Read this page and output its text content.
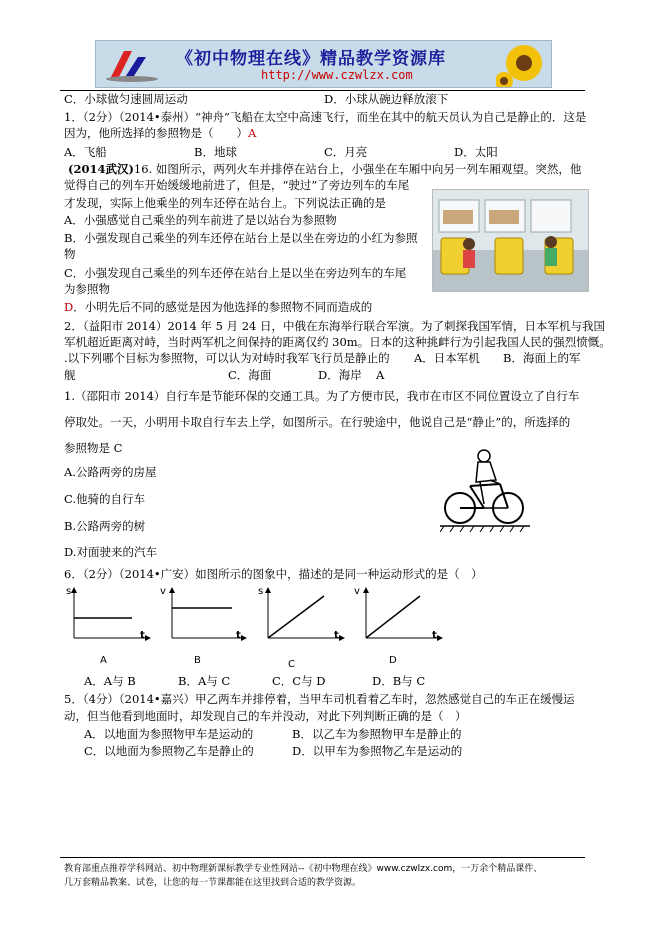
《初中物理在线》精品教学资源库
http://www.czwlzx.com
C．小球做匀速圆周运动	D．小球从碗边释放滚下
1．（2分）（2014•泰州）“神舟”飞船在太空中高速飞行，而坐在其中的航天员认为自己是静止的．这是
因为，他所选择的参照物是（　　）A
A．飞船	B．地球	C．月亮	D．太阳
(2014武汉)16. 如图所示，两列火车并排停在站台上，小强坐在车厢中向另一列车厢观望。突然，他
觉得自己的列车开始缓缓地前进了，但是，“驶过”了旁边列车的车尾
才发现，实际上他乘坐的列车还停在站台上。下列说法正确的是
A．小强感觉自己乘坐的列车前进了是以站台为参照物
B．小强发现自己乘坐的列车还停在站台上是以坐在旁边的小红为参照
物
C．小强发现自己乘坐的列车还停在站台上是以坐在旁边列车的车尾
为参照物
D．小明先后不同的感觉是因为他选择的参照物不同而造成的
2．（益阳市 2014）2014 年 5 月 24 日，中俄在东海举行联合军演。为了刺探我国军情，日本军机与我国
军机超近距离对峙，当时两军机之间保持的距离仅约 30m。日本的这种挑衅行为引起我国人民的强烈愤慨。
.以下列哪个目标为参照物，可以认为对峙时我军飞行员是静止的 A．日本军机 B．海面上的军
舰	C．海面	D．海岸 A
1.（邵阳市 2014）自行车是节能环保的交通工具。为了方便市民，我市在市区不同位置设立了自行车
停取处。一天，小明用卡取自行车去上学，如图所示。在行驶途中，他说自己是“静止”的，所选择的
参照物是 C
A.公路两旁的房屋
C.他骑的自行车
B.公路两旁的树
D.对面驶来的汽车
6．（2分）（2014•广安）如图所示的图象中，描述的是同一种运动形式的是（　）
s	v	s	v
t	t	t	t
A	B	C	D
A．A与 B	B．A与 C	C．C与 D	D．B与 C
5．（4分）（2014•嘉兴）甲乙两车并排停着，当甲车司机看着乙车时，忽然感觉自己的车正在缓慢运
动，但当他看到地面时，却发现自己的车并没动，对此下列判断正确的是（　）
A．以地面为参照物甲车是运动的	B．以乙车为参照物甲车是静止的
C．以地面为参照物乙车是静止的	D．以甲车为参照物乙车是运动的
教育部重点推荐学科网站、初中物理新课标教学专业性网站--《初中物理在线》www.czwlzx.com，一万余个精品课件、
几万套精品教案、试卷，让您的每一节课都能在这里找到合适的教学资源。
